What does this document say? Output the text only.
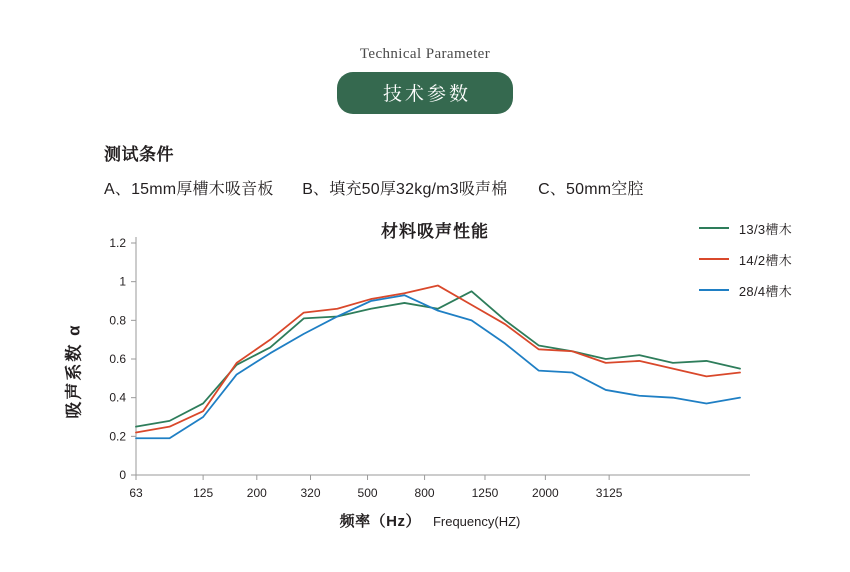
Technical Parameter
技术参数
测试条件
A、15mm厚槽木吸音板 B、填充50厚32kg/m3吸声棉 C、50mm空腔
材料吸声性能
0
0.2
0.4
0.6
0.8
1
1.2
63	125	200	320	500	800	1250	2000	3125
吸声系数 α
频率（Hz） Frequency(HZ)
13/3槽木
14/2槽木
28/4槽木
